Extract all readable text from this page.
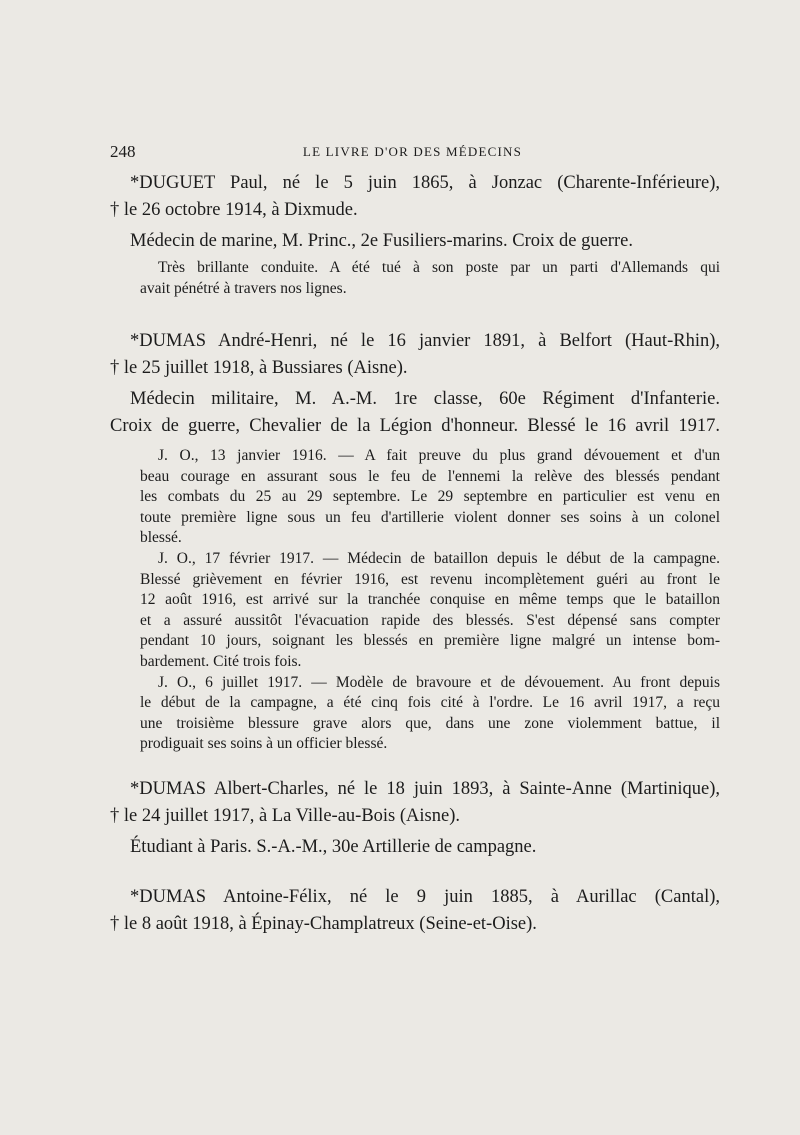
248	LE LIVRE D'OR DES MÉDECINS
*DUGUET Paul, né le 5 juin 1865, à Jonzac (Charente-Inférieure),
† le 26 octobre 1914, à Dixmude.
Médecin de marine, M. Princ., 2e Fusiliers-marins. Croix de guerre.
Très brillante conduite. A été tué à son poste par un parti d'Allemands qui
avait pénétré à travers nos lignes.
*DUMAS André-Henri, né le 16 janvier 1891, à Belfort (Haut-Rhin),
† le 25 juillet 1918, à Bussiares (Aisne).
Médecin militaire, M. A.-M. 1re classe, 60e Régiment d'Infanterie.
Croix de guerre, Chevalier de la Légion d'honneur. Blessé le 16 avril 1917.
J. O., 13 janvier 1916. — A fait preuve du plus grand dévouement et d'un
beau courage en assurant sous le feu de l'ennemi la relève des blessés pendant
les combats du 25 au 29 septembre. Le 29 septembre en particulier est venu en
toute première ligne sous un feu d'artillerie violent donner ses soins à un colonel
blessé.
J. O., 17 février 1917. — Médecin de bataillon depuis le début de la campagne.
Blessé grièvement en février 1916, est revenu incomplètement guéri au front le
12 août 1916, est arrivé sur la tranchée conquise en même temps que le bataillon
et a assuré aussitôt l'évacuation rapide des blessés. S'est dépensé sans compter
pendant 10 jours, soignant les blessés en première ligne malgré un intense bom-
bardement. Cité trois fois.
J. O., 6 juillet 1917. — Modèle de bravoure et de dévouement. Au front depuis
le début de la campagne, a été cinq fois cité à l'ordre. Le 16 avril 1917, a reçu
une troisième blessure grave alors que, dans une zone violemment battue, il
prodiguait ses soins à un officier blessé.
*DUMAS Albert-Charles, né le 18 juin 1893, à Sainte-Anne (Martinique),
† le 24 juillet 1917, à La Ville-au-Bois (Aisne).
Étudiant à Paris. S.-A.-M., 30e Artillerie de campagne.
*DUMAS Antoine-Félix, né le 9 juin 1885, à Aurillac (Cantal),
† le 8 août 1918, à Épinay-Champlatreux (Seine-et-Oise).
